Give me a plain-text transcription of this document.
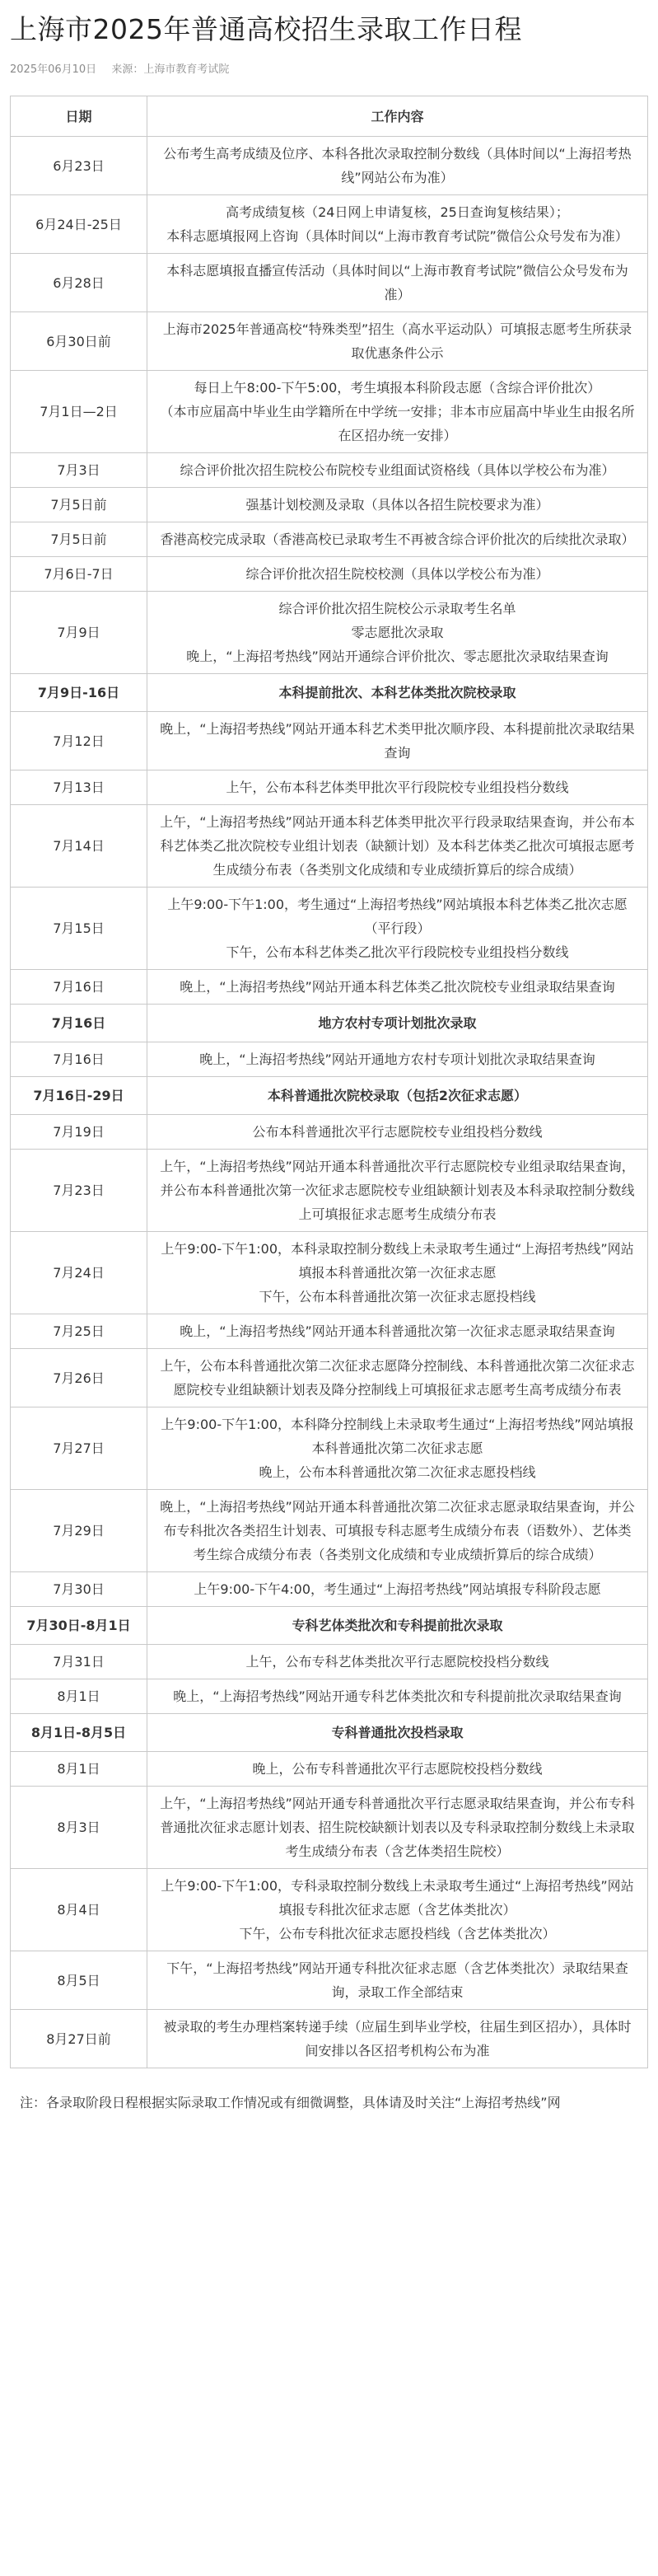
上海市2025年普通高校招生录取工作日程
2025年06月10日 来源：上海市教育考试院
日期	工作内容
6月23日	公布考生高考成绩及位序、本科各批次录取控制分数线（具体时间以“上海招考热线”网站公布为准）
6月24日-25日	高考成绩复核（24日网上申请复核，25日查询复核结果）；
本科志愿填报网上咨询（具体时间以“上海市教育考试院”微信公众号发布为准）
6月28日	本科志愿填报直播宣传活动（具体时间以“上海市教育考试院”微信公众号发布为准）
6月30日前	上海市2025年普通高校“特殊类型”招生（高水平运动队）可填报志愿考生所获录取优惠条件公示
7月1日—2日	每日上午8:00-下午5:00，考生填报本科阶段志愿（含综合评价批次）
（本市应届高中毕业生由学籍所在中学统一安排；非本市应届高中毕业生由报名所在区招办统一安排）
7月3日	综合评价批次招生院校公布院校专业组面试资格线（具体以学校公布为准）
7月5日前	强基计划校测及录取（具体以各招生院校要求为准）
7月5日前	香港高校完成录取（香港高校已录取考生不再被含综合评价批次的后续批次录取）
7月6日-7日	综合评价批次招生院校校测（具体以学校公布为准）
7月9日	综合评价批次招生院校公示录取考生名单
零志愿批次录取
晚上，“上海招考热线”网站开通综合评价批次、零志愿批次录取结果查询
7月9日-16日	本科提前批次、本科艺体类批次院校录取
7月12日	晚上，“上海招考热线”网站开通本科艺术类甲批次顺序段、本科提前批次录取结果查询
7月13日	上午，公布本科艺体类甲批次平行段院校专业组投档分数线
7月14日	上午，“上海招考热线”网站开通本科艺体类甲批次平行段录取结果查询，并公布本科艺体类乙批次院校专业组计划表（缺额计划）及本科艺体类乙批次可填报志愿考生成绩分布表（各类别文化成绩和专业成绩折算后的综合成绩）
7月15日	上午9:00-下午1:00，考生通过“上海招考热线”网站填报本科艺体类乙批次志愿（平行段）
下午，公布本科艺体类乙批次平行段院校专业组投档分数线
7月16日	晚上，“上海招考热线”网站开通本科艺体类乙批次院校专业组录取结果查询
7月16日	地方农村专项计划批次录取
7月16日	晚上，“上海招考热线”网站开通地方农村专项计划批次录取结果查询
7月16日-29日	本科普通批次院校录取（包括2次征求志愿）
7月19日	公布本科普通批次平行志愿院校专业组投档分数线
7月23日	上午，“上海招考热线”网站开通本科普通批次平行志愿院校专业组录取结果查询，并公布本科普通批次第一次征求志愿院校专业组缺额计划表及本科录取控制分数线上可填报征求志愿考生成绩分布表
7月24日	上午9:00-下午1:00，本科录取控制分数线上未录取考生通过“上海招考热线”网站填报本科普通批次第一次征求志愿
下午，公布本科普通批次第一次征求志愿投档线
7月25日	晚上，“上海招考热线”网站开通本科普通批次第一次征求志愿录取结果查询
7月26日	上午，公布本科普通批次第二次征求志愿降分控制线、本科普通批次第二次征求志愿院校专业组缺额计划表及降分控制线上可填报征求志愿考生高考成绩分布表
7月27日	上午9:00-下午1:00，本科降分控制线上未录取考生通过“上海招考热线”网站填报本科普通批次第二次征求志愿
晚上，公布本科普通批次第二次征求志愿投档线
7月29日	晚上，“上海招考热线”网站开通本科普通批次第二次征求志愿录取结果查询，并公布专科批次各类招生计划表、可填报专科志愿考生成绩分布表（语数外）、艺体类考生综合成绩分布表（各类别文化成绩和专业成绩折算后的综合成绩）
7月30日	上午9:00-下午4:00，考生通过“上海招考热线”网站填报专科阶段志愿
7月30日-8月1日	专科艺体类批次和专科提前批次录取
7月31日	上午，公布专科艺体类批次平行志愿院校投档分数线
8月1日	晚上，“上海招考热线”网站开通专科艺体类批次和专科提前批次录取结果查询
8月1日-8月5日	专科普通批次投档录取
8月1日	晚上，公布专科普通批次平行志愿院校投档分数线
8月3日	上午，“上海招考热线”网站开通专科普通批次平行志愿录取结果查询，并公布专科普通批次征求志愿计划表、招生院校缺额计划表以及专科录取控制分数线上未录取考生成绩分布表（含艺体类招生院校）
8月4日	上午9:00-下午1:00，专科录取控制分数线上未录取考生通过“上海招考热线”网站填报专科批次征求志愿（含艺体类批次）
下午，公布专科批次征求志愿投档线（含艺体类批次）
8月5日	下午，“上海招考热线”网站开通专科批次征求志愿（含艺体类批次）录取结果查询，录取工作全部结束
8月27日前	被录取的考生办理档案转递手续（应届生到毕业学校，往届生到区招办），具体时间安排以各区招考机构公布为准
注：各录取阶段日程根据实际录取工作情况或有细微调整，具体请及时关注“上海招考热线”网
